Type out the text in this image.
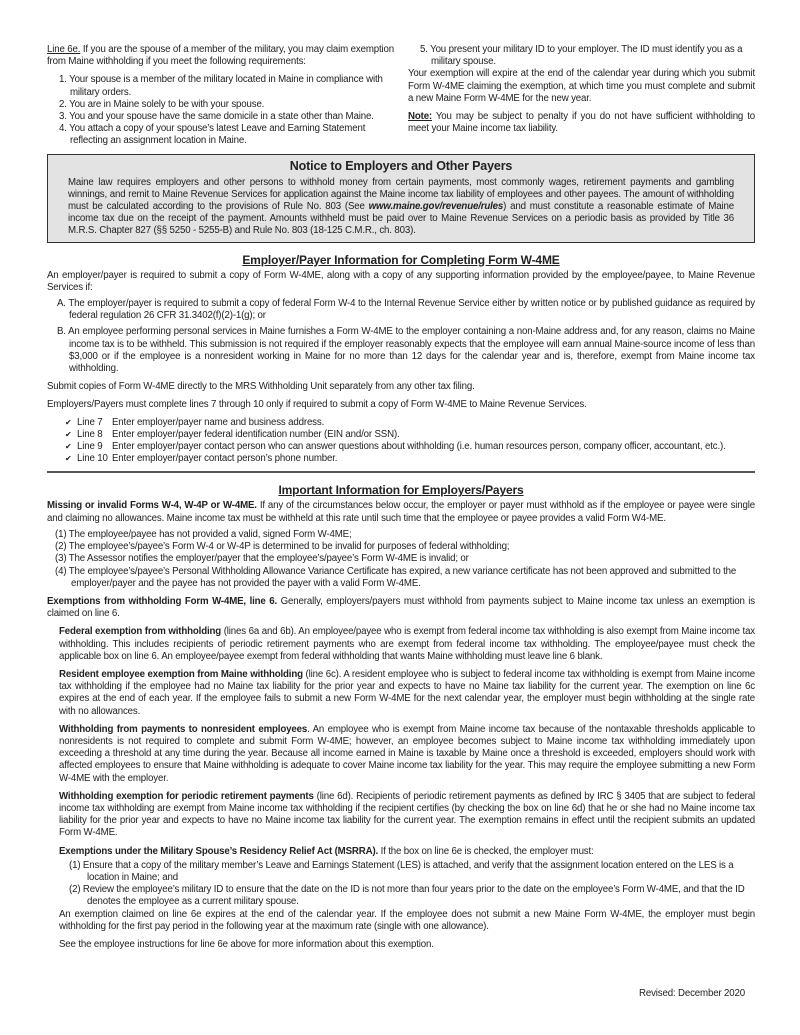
Line 6e. If you are the spouse of a member of the military, you may claim exemption from Maine withholding if you meet the following requirements:

1. Your spouse is a member of the military located in Maine in compliance with military orders.
2. You are in Maine solely to be with your spouse.
3. You and your spouse have the same domicile in a state other than Maine.
4. You attach a copy of your spouse’s latest Leave and Earning Statement reflecting an assignment location in Maine.
5. You present your military ID to your employer. The ID must identify you as a military spouse.

Your exemption will expire at the end of the calendar year during which you submit Form W-4ME claiming the exemption, at which time you must complete and submit a new Maine Form W-4ME for the new year.

Note: You may be subject to penalty if you do not have sufficient withholding to meet your Maine income tax liability.

Notice to Employers and Other Payers

Maine law requires employers and other persons to withhold money from certain payments, most commonly wages, retirement payments and gambling winnings, and remit to Maine Revenue Services for application against the Maine income tax liability of employees and other payees. The amount of withholding must be calculated according to the provisions of Rule No. 803 (See www.maine.gov/revenue/rules) and must constitute a reasonable estimate of Maine income tax due on the receipt of the payment. Amounts withheld must be paid over to Maine Revenue Services on a periodic basis as provided by Title 36 M.R.S. Chapter 827 (§§ 5250 - 5255-B) and Rule No. 803 (18-125 C.M.R., ch. 803).

Employer/Payer Information for Completing Form W-4ME

An employer/payer is required to submit a copy of Form W-4ME, along with a copy of any supporting information provided by the employee/payee, to Maine Revenue Services if:

A. The employer/payer is required to submit a copy of federal Form W-4 to the Internal Revenue Service either by written notice or by published guidance as required by federal regulation 26 CFR 31.3402(f)(2)-1(g); or

B. An employee performing personal services in Maine furnishes a Form W-4ME to the employer containing a non-Maine address and, for any reason, claims no Maine income tax is to be withheld. This submission is not required if the employer reasonably expects that the employee will earn annual Maine-source income of less than $3,000 or if the employee is a nonresident working in Maine for no more than 12 days for the calendar year and is, therefore, exempt from Maine income tax withholding.

Submit copies of Form W-4ME directly to the MRS Withholding Unit separately from any other tax filing.

Employers/Payers must complete lines 7 through 10 only if required to submit a copy of Form W-4ME to Maine Revenue Services.

✔ Line 7 Enter employer/payer name and business address.
✔ Line 8 Enter employer/payer federal identification number (EIN and/or SSN).
✔ Line 9 Enter employer/payer contact person who can answer questions about withholding (i.e. human resources person, company officer, accountant, etc.).
✔ Line 10 Enter employer/payer contact person’s phone number.
Important Information for Employers/Payers

Missing or invalid Forms W-4, W-4P or W-4ME. If any of the circumstances below occur, the employer or payer must withhold as if the employee or payee were single and claiming no allowances. Maine income tax must be withheld at this rate until such time that the employee or payee provides a valid Form W4-ME.

(1) The employee/payee has not provided a valid, signed Form W-4ME;
(2) The employee’s/payee’s Form W-4 or W-4P is determined to be invalid for purposes of federal withholding;
(3) The Assessor notifies the employer/payer that the employee’s/payee’s Form W-4ME is invalid; or
(4) The employee’s/payee’s Personal Withholding Allowance Variance Certificate has expired, a new variance certificate has not been approved and submitted to the employer/payer and the payee has not provided the payer with a valid Form W-4ME.

Exemptions from withholding Form W-4ME, line 6. Generally, employers/payers must withhold from payments subject to Maine income tax unless an exemption is claimed on line 6.

Federal exemption from withholding (lines 6a and 6b). An employee/payee who is exempt from federal income tax withholding is also exempt from Maine income tax withholding. This includes recipients of periodic retirement payments who are exempt from federal income tax withholding. The employee/payee must check the applicable box on line 6. An employee/payee exempt from federal withholding that wants Maine withholding must leave line 6 blank.

Resident employee exemption from Maine withholding (line 6c). A resident employee who is subject to federal income tax withholding is exempt from Maine income tax withholding if the employee had no Maine tax liability for the prior year and expects to have no Maine tax liability for the current year. The exemption on line 6c expires at the end of each year. If the employee fails to submit a new Form W-4ME for the next calendar year, the employer must begin withholding at the single rate with no allowances.

Withholding from payments to nonresident employees. An employee who is exempt from Maine income tax because of the nontaxable thresholds applicable to nonresidents is not required to complete and submit Form W-4ME; however, an employee becomes subject to Maine income tax withholding immediately upon exceeding a threshold at any time during the year. Because all income earned in Maine is taxable by Maine once a threshold is exceeded, employers should work with affected employees to ensure that Maine withholding is adequate to cover Maine income tax liability for the year. This may require the employee submitting a new Form W-4ME with the employer.

Withholding exemption for periodic retirement payments (line 6d). Recipients of periodic retirement payments as defined by IRC § 3405 that are subject to federal income tax withholding are exempt from Maine income tax withholding if the recipient certifies (by checking the box on line 6d) that he or she had no Maine income tax liability for the prior year and expects to have no Maine income tax liability for the current year. The exemption remains in effect until the recipient submits an updated Form W-4ME.

Exemptions under the Military Spouse’s Residency Relief Act (MSRRA). If the box on line 6e is checked, the employer must:

(1) Ensure that a copy of the military member’s Leave and Earnings Statement (LES) is attached, and verify that the assignment location entered on the LES is a location in Maine; and
(2) Review the employee’s military ID to ensure that the date on the ID is not more than four years prior to the date on the employee’s Form W-4ME, and that the ID denotes the employee as a current military spouse.

An exemption claimed on line 6e expires at the end of the calendar year. If the employee does not submit a new Maine Form W-4ME, the employer must begin withholding for the first pay period in the following year at the maximum rate (single with one allowance).

See the employee instructions for line 6e above for more information about this exemption.

Revised: December 2020
